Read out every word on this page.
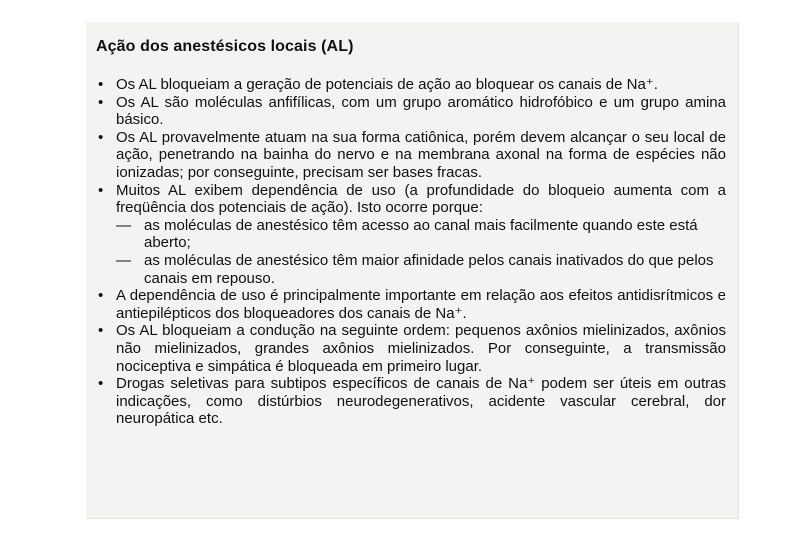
Ação dos anestésicos locais (AL)
• Os AL bloqueiam a geração de potenciais de ação ao bloquear os canais de Na⁺.
• Os AL são moléculas anfifílicas, com um grupo aromático hidrofóbico e um grupo amina básico.
• Os AL provavelmente atuam na sua forma catiônica, porém devem alcançar o seu local de ação, penetrando na bainha do nervo e na membrana axonal na forma de espécies não ionizadas; por conseguinte, precisam ser bases fracas.
• Muitos AL exibem dependência de uso (a profundidade do bloqueio aumenta com a freqüência dos potenciais de ação). Isto ocorre porque:
— as moléculas de anestésico têm acesso ao canal mais facilmente quando este está aberto;
— as moléculas de anestésico têm maior afinidade pelos canais inativados do que pelos canais em repouso.
• A dependência de uso é principalmente importante em relação aos efeitos antidisrítmicos e antiepilépticos dos bloqueadores dos canais de Na⁺.
• Os AL bloqueiam a condução na seguinte ordem: pequenos axônios mielinizados, axônios não mielinizados, grandes axônios mielinizados. Por conseguinte, a transmissão nociceptiva e simpática é bloqueada em primeiro lugar.
• Drogas seletivas para subtipos específicos de canais de Na⁺ podem ser úteis em outras indicações, como distúrbios neurodegenerativos, acidente vascular cerebral, dor neuropática etc.
